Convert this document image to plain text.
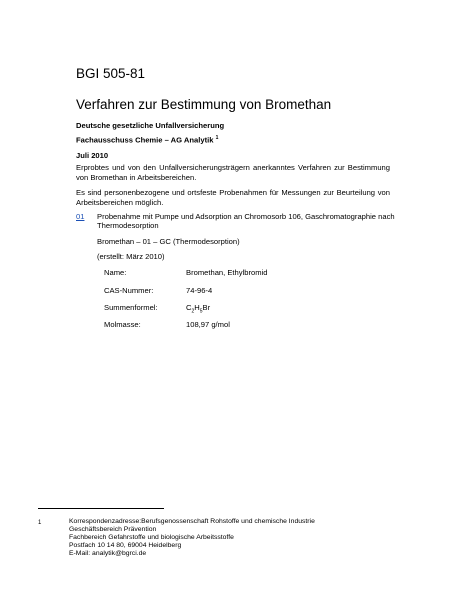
BGI 505-81
Verfahren zur Bestimmung von Bromethan
Deutsche gesetzliche Unfallversicherung
Fachausschuss Chemie – AG Analytik $^1$
Juli 2010
Erprobtes und von den Unfallversicherungsträgern anerkanntes Verfahren zur Bestimmung von Bromethan in Arbeitsbereichen.
Es sind personenbezogene und ortsfeste Probenahmen für Messungen zur Beurteilung von Arbeitsbereichen möglich.
01 Probenahme mit Pumpe und Adsorption an Chromosorb 106, Gaschromatographie nach Thermodesorption
Bromethan – 01 – GC (Thermodesorption)
(erstellt: März 2010)
Name:	Bromethan, Ethylbromid
CAS-Nummer:	74-96-4
Summenformel:	$C_2H_5Br$
Molmasse:	108,97 g/mol
1	Korrespondenzadresse:Berufsgenossenschaft Rohstoffe und chemische Industrie
Geschäftsbereich Prävention
Fachbereich Gefahrstoffe und biologische Arbeitsstoffe
Postfach 10 14 80, 69004 Heidelberg
E-Mail: analytik@bgrci.de
